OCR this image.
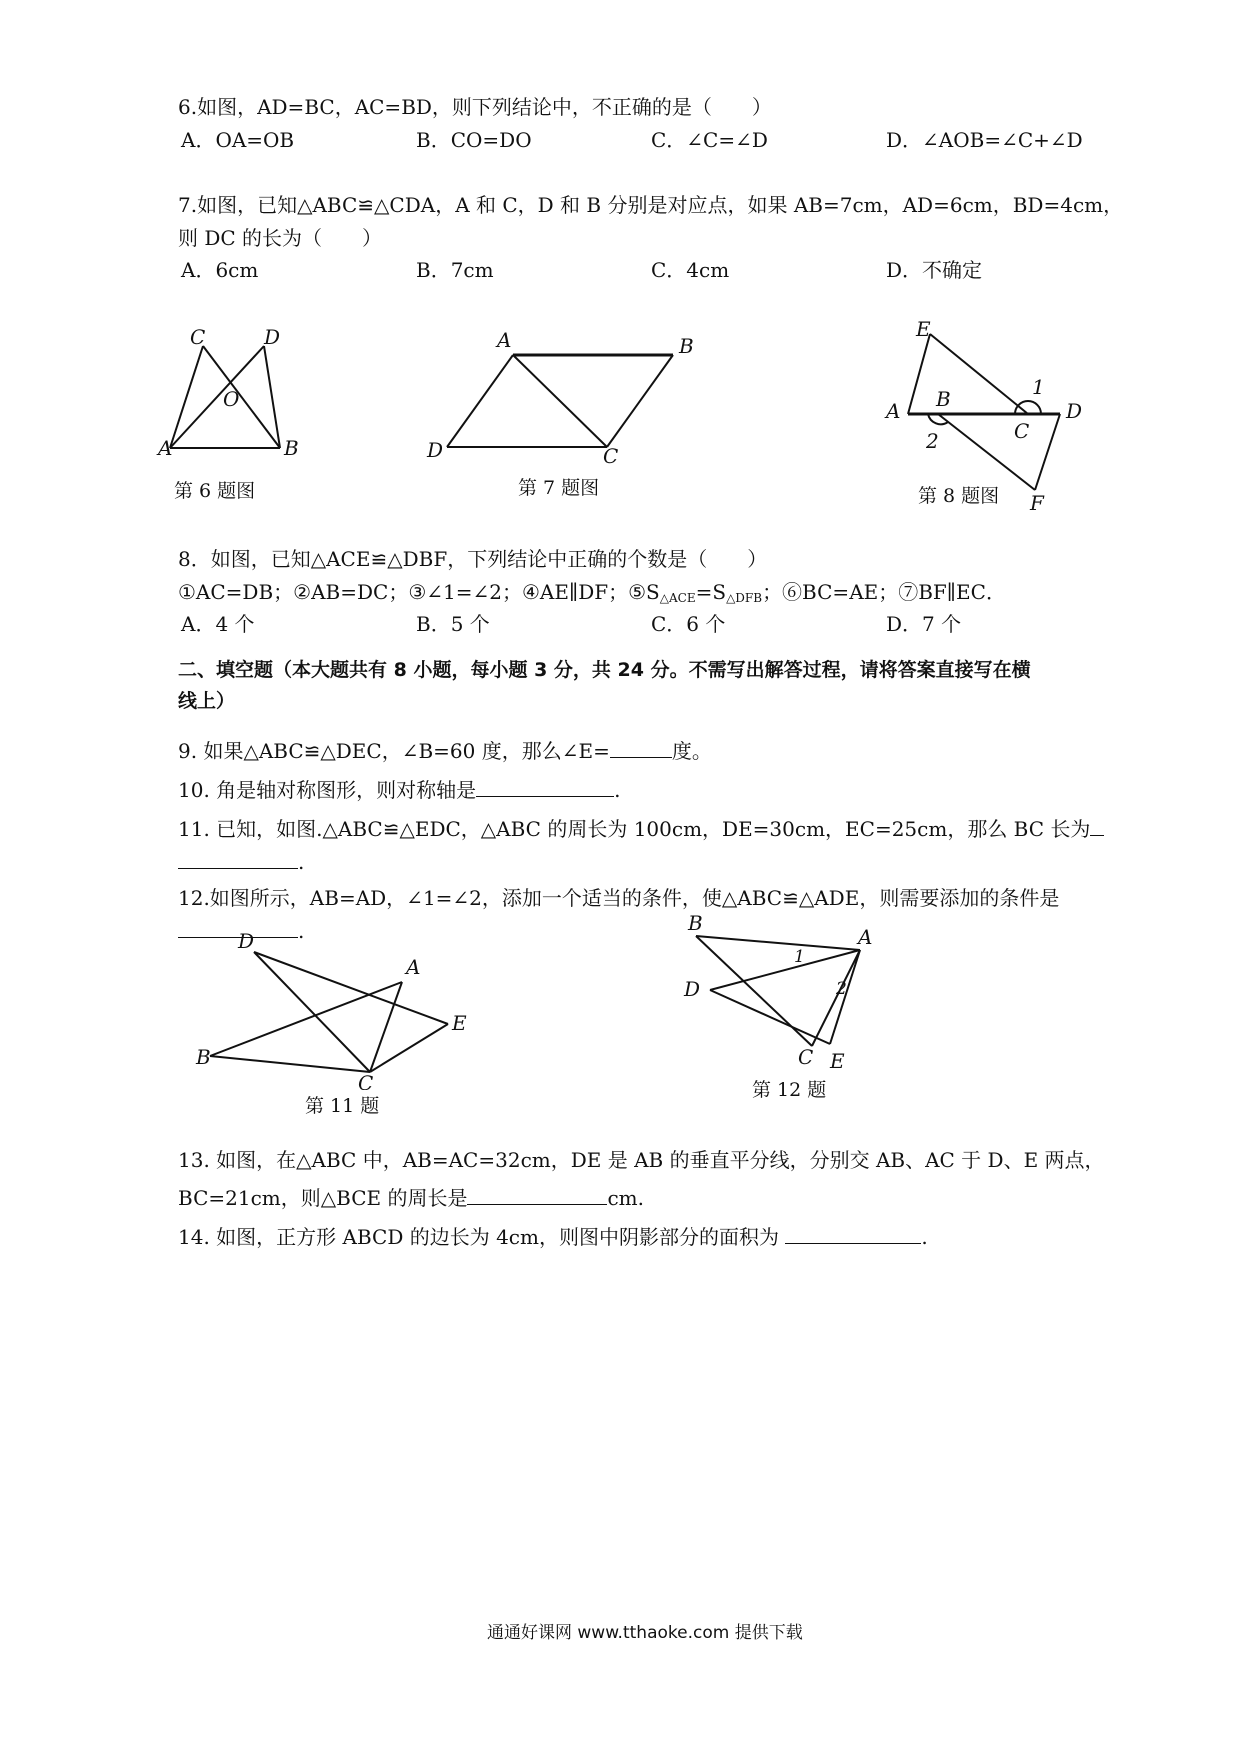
6.如图，AD=BC，AC=BD，则下列结论中，不正确的是（　　）
A．OA=OB	B．CO=DO	C．∠C=∠D	D．∠AOB=∠C+∠D
7.如图，已知△ABC≌△CDA，A 和 C，D 和 B 分别是对应点，如果 AB=7cm，AD=6cm，BD=4cm，
则 DC 的长为（　　）
A．6cm	B．7cm	C．4cm	D．不确定
C	D
O
A	B
第 6 题图
A	B
D	C
第 7 题图
E
1
A B
C
D
2
F
第 8 题图
8．如图，已知△ACE≌△DBF，下列结论中正确的个数是（　　）
①AC=DB；②AB=DC；③∠1=∠2；④AE∥DF；$⑤S_{\triangle ACE}=S_{\triangle DFB}$；⑥BC=AE；⑦BF∥EC．
A．4 个	B．5 个	C．6 个	D．7 个
二、填空题（本大题共有 8 小题，每小题 3 分，共 24 分。不需写出解答过程，请将答案直接写在横
线上）
9. 如果△ABC≌△DEC，∠B=60 度，那么∠E=	度。
10. 角是轴对称图形，则对称轴是	.
11. 已知，如图.△ABC≌△EDC，△ABC 的周长为 100cm，DE=30cm，EC=25cm，那么 BC 长为
.
12.如图所示，AB=AD，∠1=∠2，添加一个适当的条件，使△ABC≌△ADE，则需要添加的条件是
.
D
A
E
B
C
第 11 题
B
A
1
D	2
C E
第 12 题
13. 如图，在△ABC 中，AB=AC=32cm，DE 是 AB 的垂直平分线，分别交 AB、AC 于 D、E 两点，
BC=21cm，则△BCE 的周长是	cm.
14. 如图，正方形 ABCD 的边长为 4cm，则图中阴影部分的面积为	.
通通好课网 www.tthaoke.com 提供下载
